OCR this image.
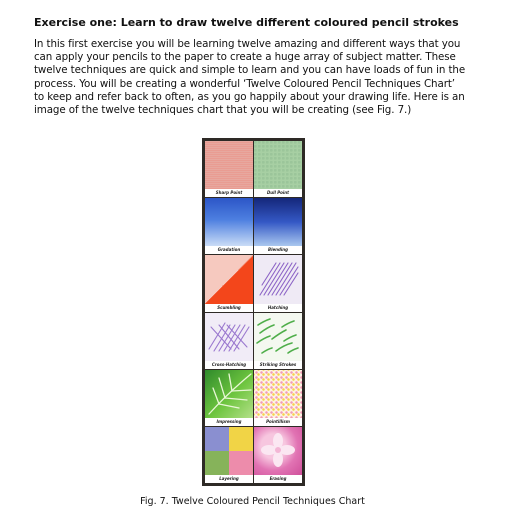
Exercise one: Learn to draw twelve different coloured pencil strokes
In this first exercise you will be learning twelve amazing and different ways that you
can apply your pencils to the paper to create a huge array of subject matter. These
twelve techniques are quick and simple to learn and you can have loads of fun in the
process. You will be creating a wonderful ‘Twelve Coloured Pencil Techniques Chart’
to keep and refer back to often, as you go happily about your drawing life. Here is an
image of the twelve techniques chart that you will be creating (see Fig. 7.)
Sharp Point	Dull Point
Gradation	Blending
Scumbling	Hatching
Cross-Hatching	Striking Strokes
Impressing	Pointillism
Layering	Erasing
Fig. 7. Twelve Coloured Pencil Techniques Chart
